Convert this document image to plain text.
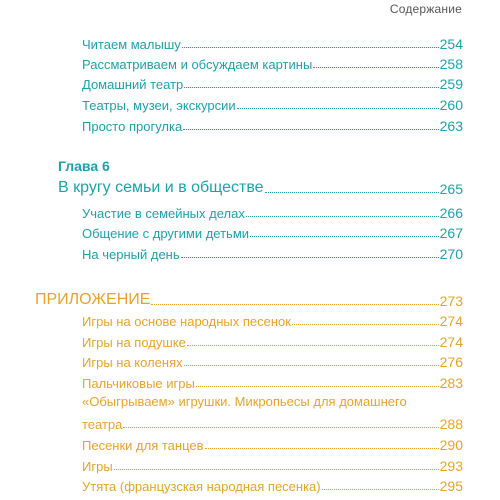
Содержание
Читаем малышу	254
Рассматриваем и обсуждаем картины	258
Домашний театр	259
Театры, музеи, экскурсии	260
Просто прогулка	263
Глава 6
В кругу семьи и в обществе	265
Участие в семейных делах	266
Общение с другими детьми	267
На черный день	270
ПРИЛОЖЕНИЕ	273
Игры на основе народных песенок	274
Игры на подушке	274
Игры на коленях	276
Пальчиковые игры	283
«Обыгрываем» игрушки. Микропьесы для домашнего
театра	288
Песенки для танцев	290
Игры	293
Утята (французская народная песенка)	295
